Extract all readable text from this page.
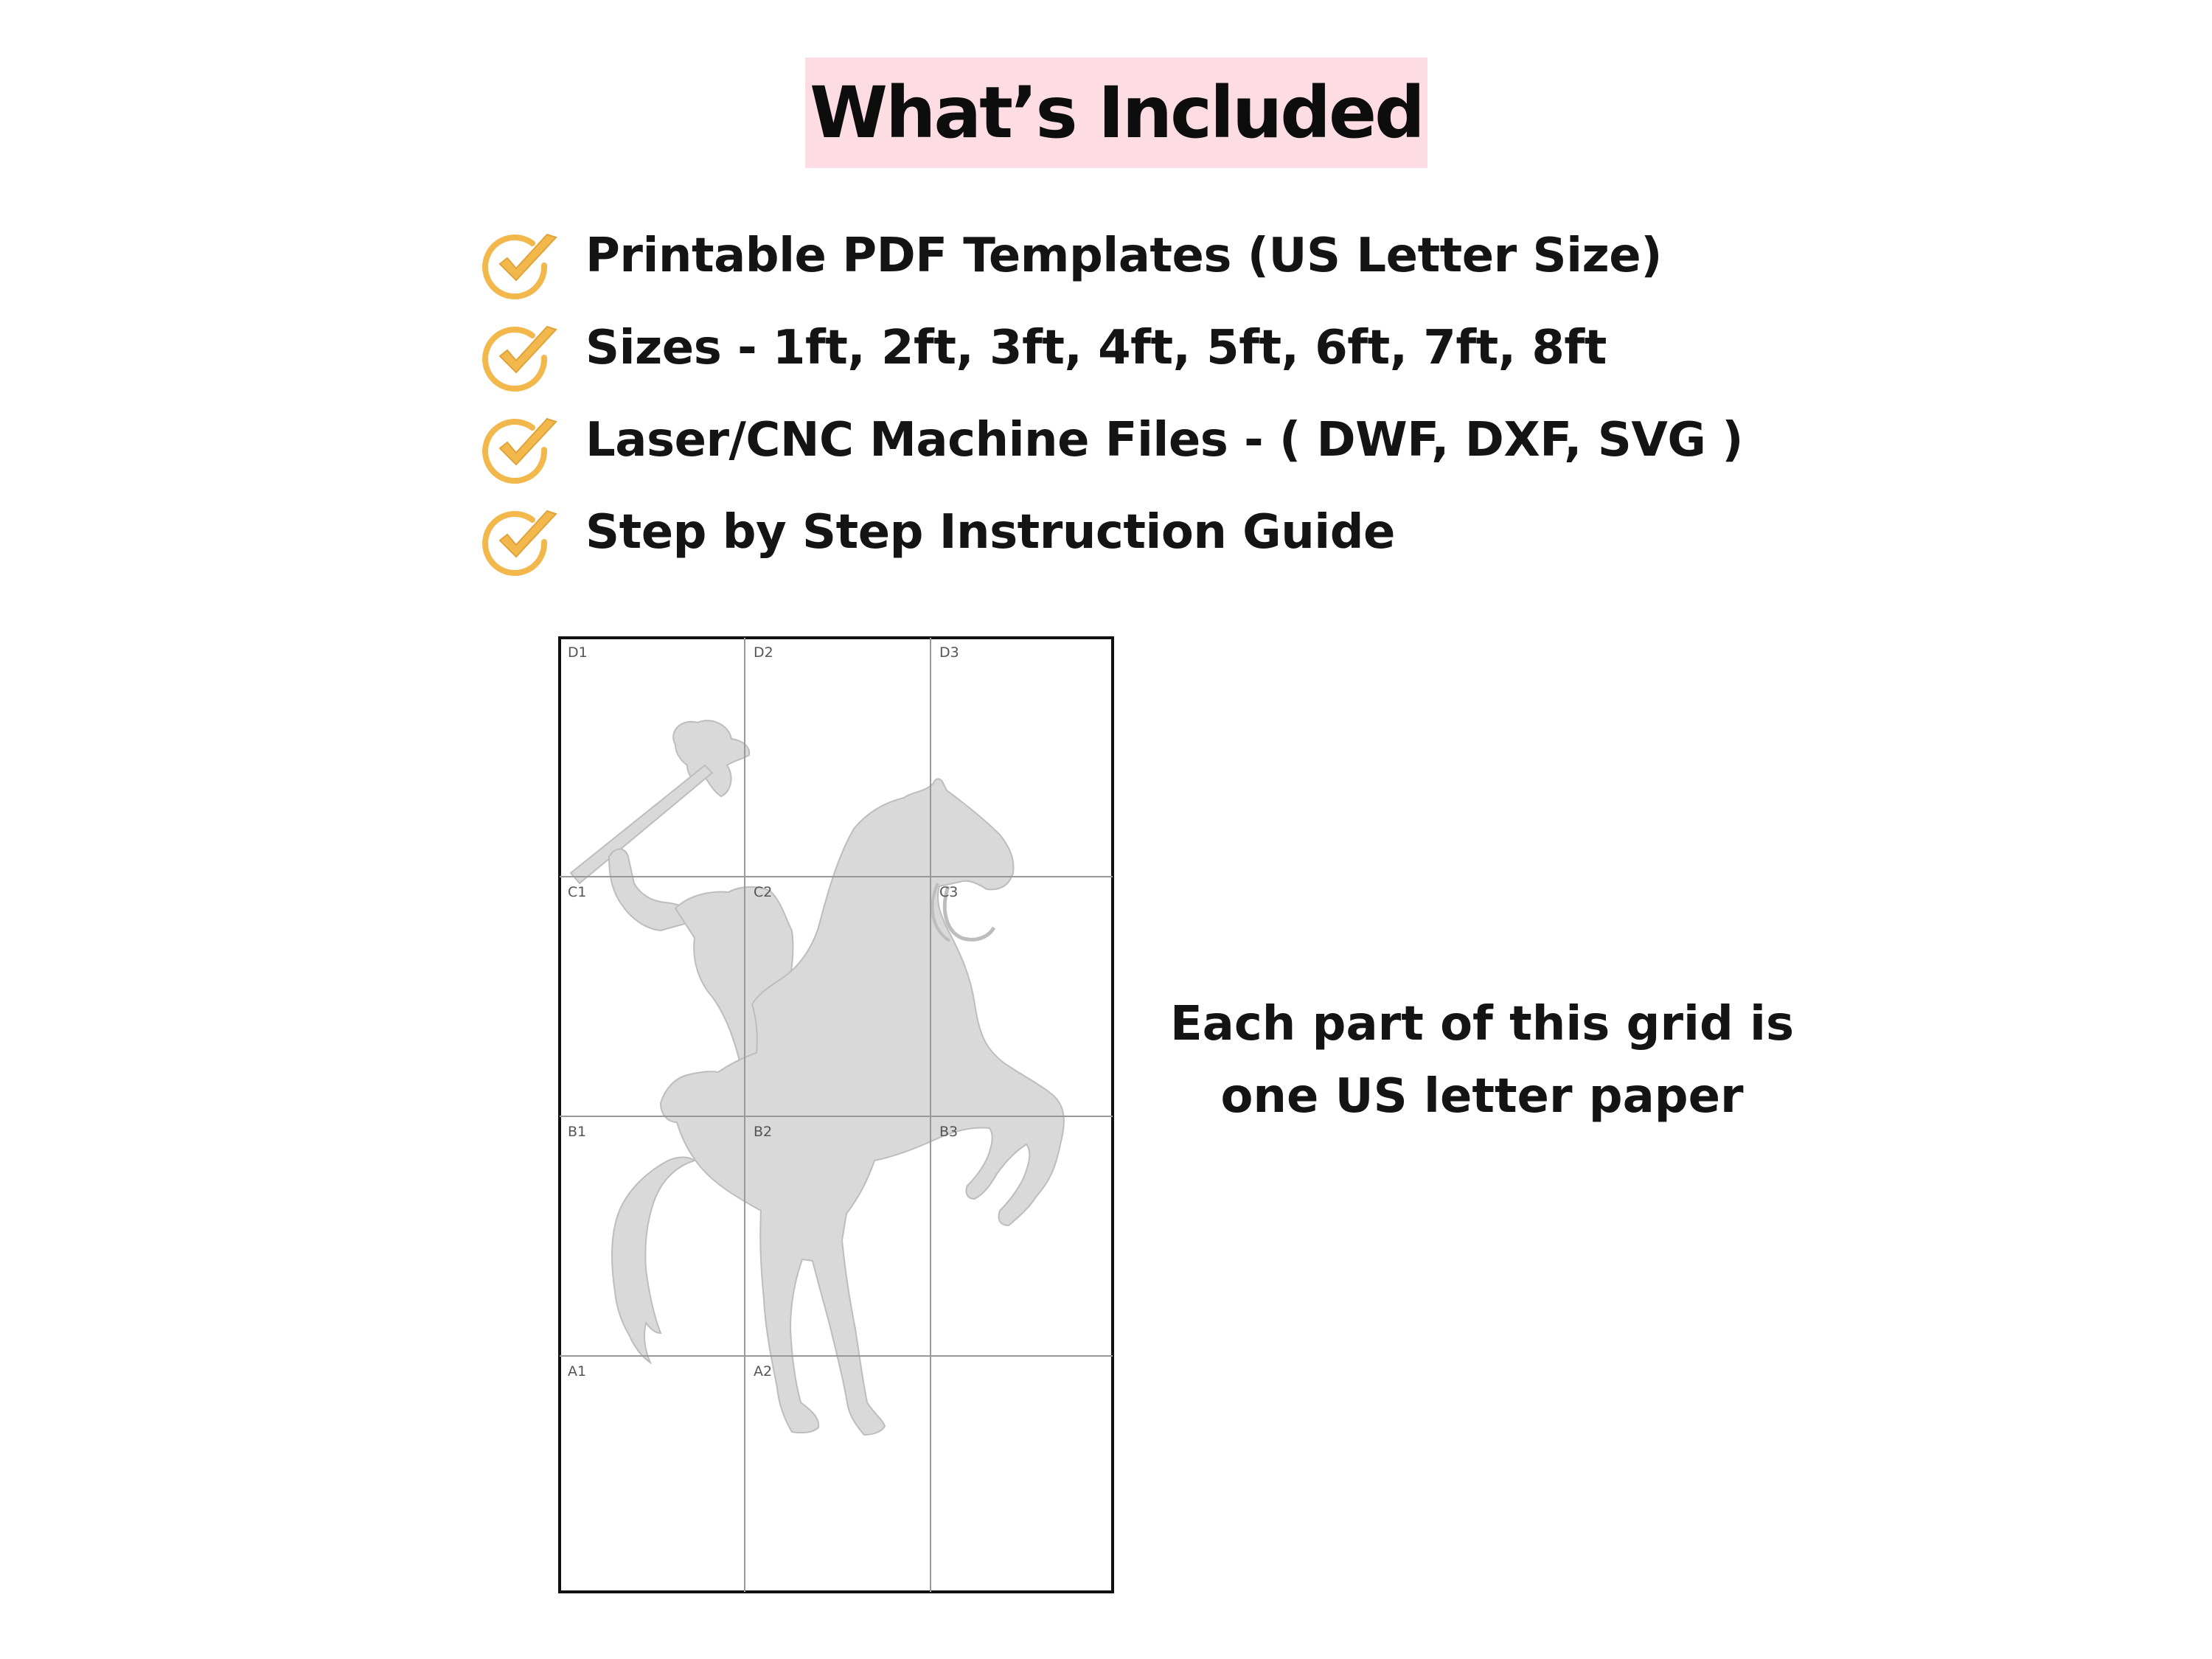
What’s Included
Printable PDF Templates (US Letter Size)
Sizes - 1ft, 2ft, 3ft, 4ft, 5ft, 6ft, 7ft, 8ft
Laser/CNC Machine Files - ( DWF, DXF, SVG )
Step by Step Instruction Guide
D1	D2	D3
C1	C2	C3
B1	B2	B3
A1	A2
Each part of this grid is
one US letter paper
